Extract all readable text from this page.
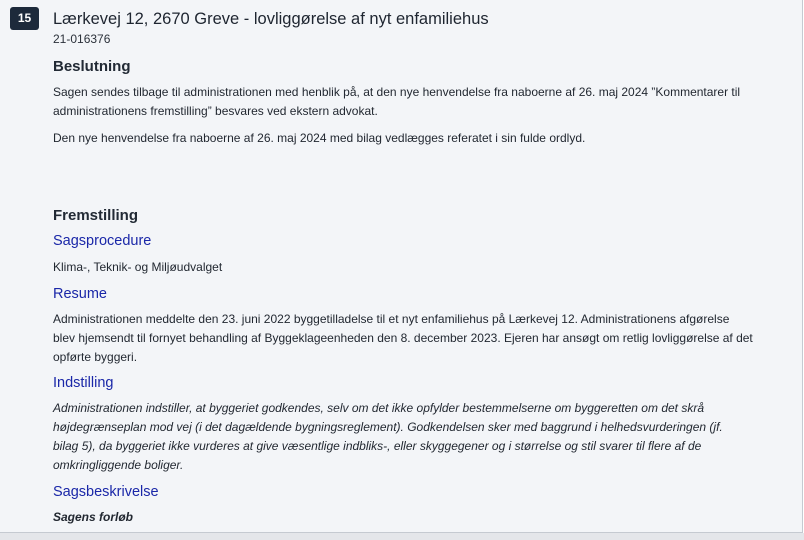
15	Lærkevej 12, 2670 Greve - lovliggørelse af nyt enfamiliehus
21-016376
Beslutning

Sagen sendes tilbage til administrationen med henblik på, at den nye henvendelse fra naboerne af 26. maj 2024 ”Kommentarer til administrationens fremstilling” besvares ved ekstern advokat.

Den nye henvendelse fra naboerne af 26. maj 2024 med bilag vedlægges referatet i sin fulde ordlyd.

Fremstilling
Sagsprocedure

Klima-, Teknik- og Miljøudvalget

Resume

Administrationen meddelte den 23. juni 2022 byggetilladelse til et nyt enfamiliehus på Lærkevej 12. Administrationens afgørelse blev hjemsendt til fornyet behandling af Byggeklageenheden den 8. december 2023. Ejeren har ansøgt om retlig lovliggørelse af det opførte byggeri.

Indstilling

Administrationen indstiller, at byggeriet godkendes, selv om det ikke opfylder bestemmelserne om byggeretten om det skrå højdegrænseplan mod vej (i det dagældende bygningsreglement). Godkendelsen sker med baggrund i helhedsvurderingen (jf. bilag 5), da byggeriet ikke vurderes at give væsentlige indbliks-, eller skyggegener og i størrelse og stil svarer til flere af de omkringliggende boliger.

Sagsbeskrivelse

Sagens forløb
